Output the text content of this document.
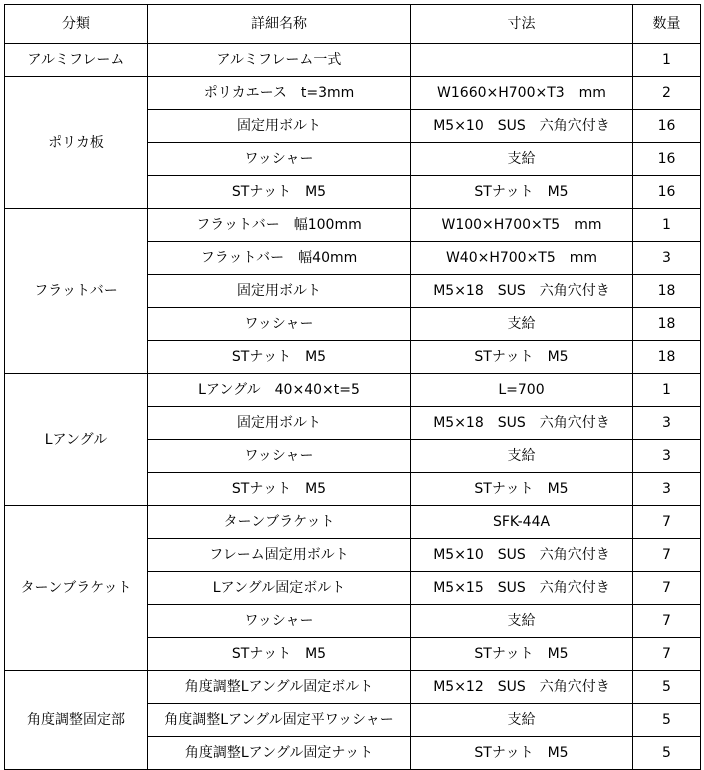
分類	詳細名称	寸法	数量
アルミフレーム	アルミフレーム一式		1
ポリカ板	ポリカエース　t=3mm	W1660×H700×T3　mm	2
	固定用ボルト	M5×10　SUS　六角穴付き	16
	ワッシャー	支給	16
	STナット　M5	STナット　M5	16
フラットバー	フラットバー　幅100mm	W100×H700×T5　mm	1
	フラットバー　幅40mm	W40×H700×T5　mm	3
	固定用ボルト	M5×18　SUS　六角穴付き	18
	ワッシャー	支給	18
	STナット　M5	STナット　M5	18
Lアングル	Lアングル　40×40×t=5	L=700	1
	固定用ボルト	M5×18　SUS　六角穴付き	3
	ワッシャー	支給	3
	STナット　M5	STナット　M5	3
ターンブラケット	ターンブラケット	SFK-44A	7
	フレーム固定用ボルト	M5×10　SUS　六角穴付き	7
	Lアングル固定ボルト	M5×15　SUS　六角穴付き	7
	ワッシャー	支給	7
	STナット　M5	STナット　M5	7
角度調整固定部	角度調整Lアングル固定ボルト	M5×12　SUS　六角穴付き	5
	角度調整Lアングル固定平ワッシャー	支給	5
	角度調整Lアングル固定ナット	STナット　M5	5
